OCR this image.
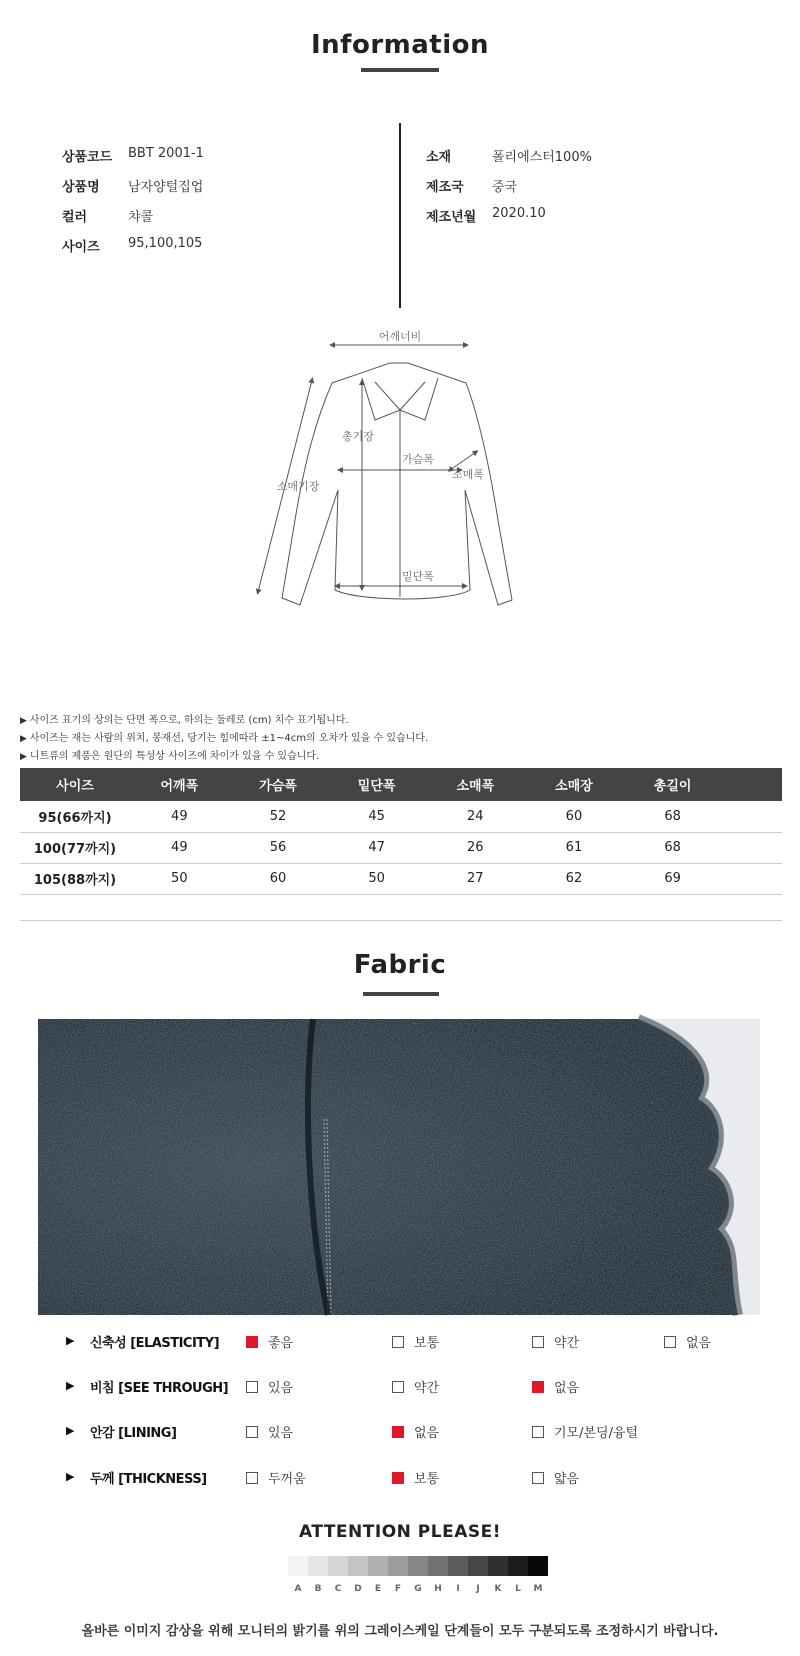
Information
상품코드	BBT 2001-1
상품명	남자양털집업
컬러	챠콜
사이즈	95,100,105
소재	폴리에스터100%
제조국	중국
제조년월	2020.10
어깨너비
총기장
가슴폭
소매폭
소매기장
밑단폭
▶ 사이즈 표기의 상의는 단면 폭으로, 하의는 둘레로 (cm) 치수 표기됩니다.
▶ 사이즈는 재는 사람의 위치, 봉재선, 당기는 힘에따라 ±1~4cm의 오차가 있을 수 있습니다.
▶ 니트류의 제품은 원단의 특성상 사이즈에 차이가 있을 수 있습니다.
사이즈	어깨폭	가슴폭	밑단폭	소매폭	소매장	총길이	
95(66까지)	49	52	45	24	60	68	
100(77까지)	49	56	47	26	61	68	
105(88까지)	50	60	50	27	62	69	
Fabric
▶ 신축성 [ELASTICITY]	좋음	보통	약간	없음
▶ 비침 [SEE THROUGH]	있음	약간	없음
▶ 안감 [LINING]	있음	없음	기모/본딩/융털
▶ 두께 [THICKNESS]	두꺼움	보통	얇음
ATTENTION PLEASE!
A	B	C	D	E	F	G	H	I	J	K	L	M
올바른 이미지 감상을 위해 모니터의 밝기를 위의 그레이스케일 단계들이 모두 구분되도록 조정하시기 바랍니다.
